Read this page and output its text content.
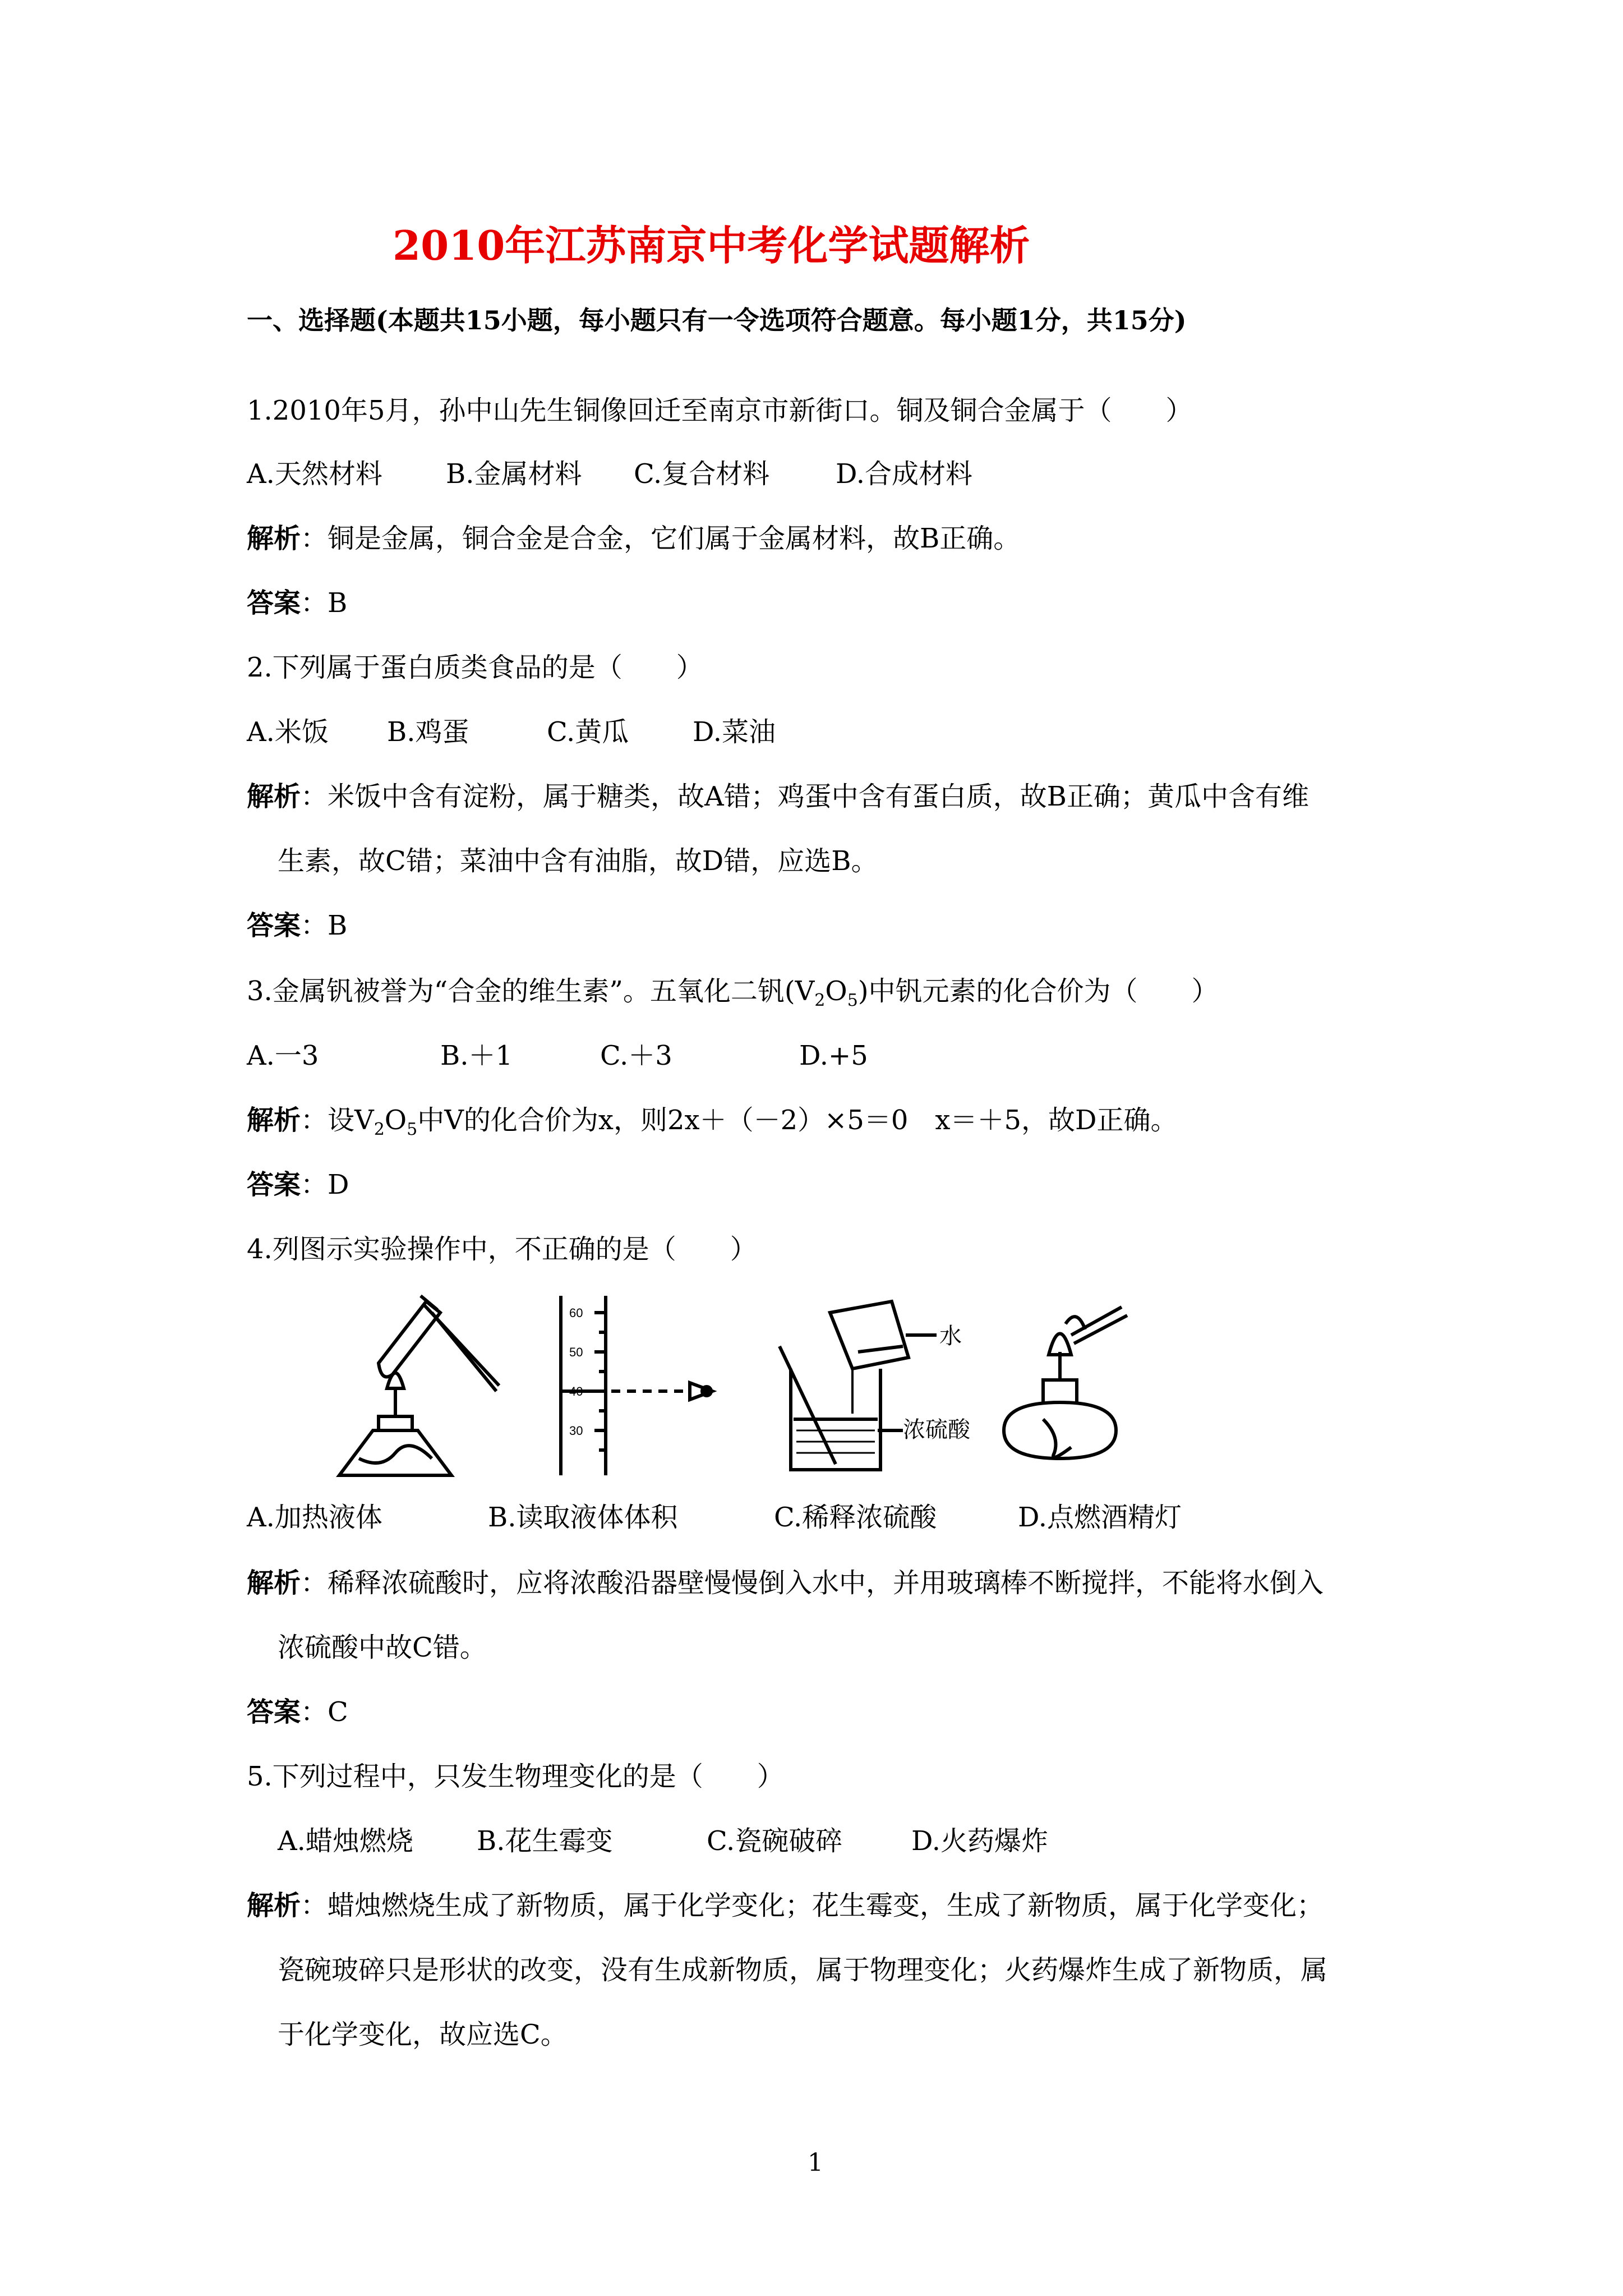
2010年江苏南京中考化学试题解析
一、选择题(本题共15小题，每小题只有一令选项符合题意。每小题1分，共15分)
1.2010年5月，孙中山先生铜像回迁至南京市新街口。铜及铜合金属于（　　）
A.天然材料 B.金属材料 C.复合材料 D.合成材料
解析：铜是金属，铜合金是合金，它们属于金属材料，故B正确。
答案：B
2.下列属于蛋白质类食品的是（　　）
A.米饭 B.鸡蛋	C.黄瓜 D.菜油
解析：米饭中含有淀粉，属于糖类，故A错；鸡蛋中含有蛋白质，故B正确；黄瓜中含有维
生素，故C错；菜油中含有油脂，故D错，应选B。
答案：B
3.金属钒被誉为“合金的维生素”。五氧化二钒$(V_2O_5)$中钒元素的化合价为（　　）
A.一3	B.＋1	C.＋3	D.+5
解析：设$V_2O_5$中V的化合价为x，则2x＋（－2）×5＝0　x＝＋5，故D正确。
答案：D
4.列图示实验操作中，不正确的是（　　）
60
50
40
30
水
浓硫酸
A.加热液体	B.读取液体体积	C.稀释浓硫酸	D.点燃酒精灯
解析：稀释浓硫酸时，应将浓酸沿器壁慢慢倒入水中，并用玻璃棒不断搅拌，不能将水倒入
浓硫酸中故C错。
答案：C
5.下列过程中，只发生物理变化的是（　　）
A.蜡烛燃烧 B.花生霉变	C.瓷碗破碎	D.火药爆炸
解析：蜡烛燃烧生成了新物质，属于化学变化；花生霉变，生成了新物质，属于化学变化；
瓷碗玻碎只是形状的改变，没有生成新物质，属于物理变化；火药爆炸生成了新物质，属
于化学变化，故应选C。
1
